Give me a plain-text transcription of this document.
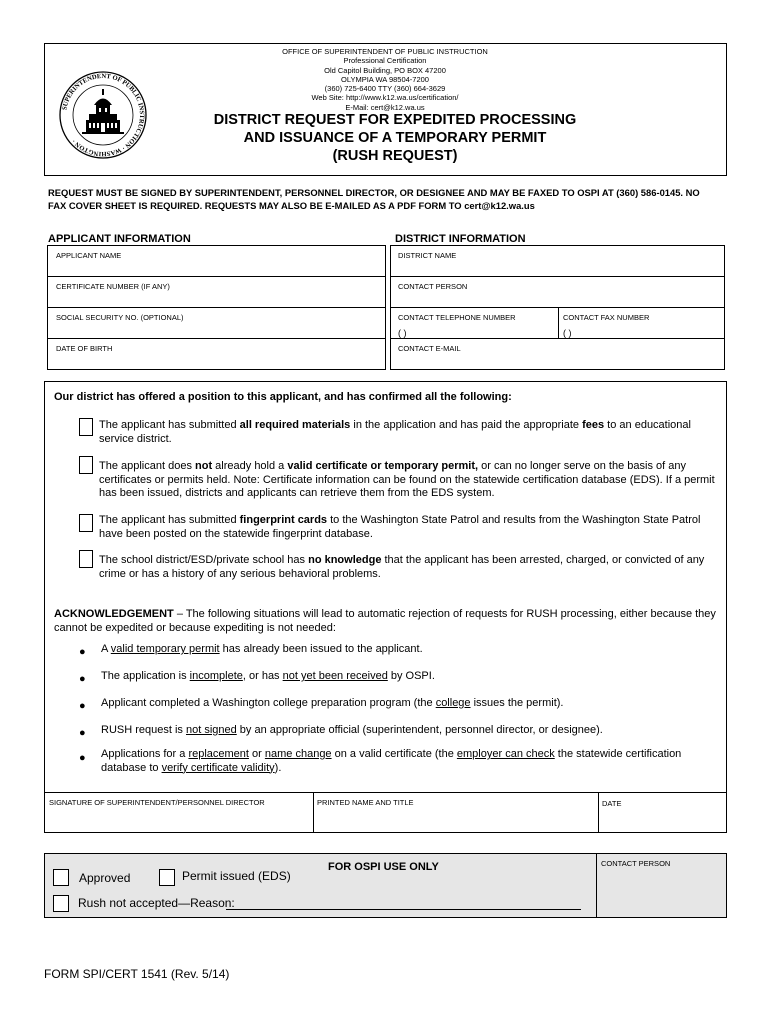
SUPERINTENDENT OF PUBLIC INSTRUCTION · WASHINGTON ·
OFFICE OF SUPERINTENDENT OF PUBLIC INSTRUCTION
Professional Certification
Old Capitol Building, PO BOX 47200
OLYMPIA WA 98504-7200
(360) 725-6400 TTY (360) 664-3629
Web Site: http://www.k12.wa.us/certification/
E-Mail: cert@k12.wa.us
DISTRICT REQUEST FOR EXPEDITED PROCESSING
AND ISSUANCE OF A TEMPORARY PERMIT
(RUSH REQUEST)
REQUEST MUST BE SIGNED BY SUPERINTENDENT, PERSONNEL DIRECTOR, OR DESIGNEE AND MAY BE FAXED TO OSPI AT (360) 586-0145. NO FAX COVER SHEET IS REQUIRED. REQUESTS MAY ALSO BE E-MAILED AS A PDF FORM TO cert@k12.wa.us
APPLICANT INFORMATION	DISTRICT INFORMATION
APPLICANT NAME
CERTIFICATE NUMBER (IF ANY)
SOCIAL SECURITY NO. (OPTIONAL)
DATE OF BIRTH
DISTRICT NAME
CONTACT PERSON
CONTACT TELEPHONE NUMBER
( )
CONTACT FAX NUMBER
( )
CONTACT E-MAIL
Our district has offered a position to this applicant, and has confirmed all the following:
The applicant has submitted all required materials in the application and has paid the appropriate fees to an educational service district.
The applicant does not already hold a valid certificate or temporary permit, or can no longer serve on the basis of any certificates or permits held. Note: Certificate information can be found on the statewide certification database (EDS). If a permit has been issued, districts and applicants can retrieve them from the EDS system.
The applicant has submitted fingerprint cards to the Washington State Patrol and results from the Washington State Patrol have been posted on the statewide fingerprint database.
The school district/ESD/private school has no knowledge that the applicant has been arrested, charged, or convicted of any crime or has a history of any serious behavioral problems.
ACKNOWLEDGEMENT – The following situations will lead to automatic rejection of requests for RUSH processing, either because they cannot be expedited or because expediting is not needed:
● A valid temporary permit has already been issued to the applicant.
● The application is incomplete, or has not yet been received by OSPI.
● Applicant completed a Washington college preparation program (the college issues the permit).
● RUSH request is not signed by an appropriate official (superintendent, personnel director, or designee).
● Applications for a replacement or name change on a valid certificate (the employer can check the statewide certification database to verify certificate validity).
SIGNATURE OF SUPERINTENDENT/PERSONNEL DIRECTOR	PRINTED NAME AND TITLE	DATE
CONTACT PERSON
Approved	Permit issued (EDS)
FOR OSPI USE ONLY
Rush not accepted—Reason:
FORM SPI/CERT 1541 (Rev. 5/14)
